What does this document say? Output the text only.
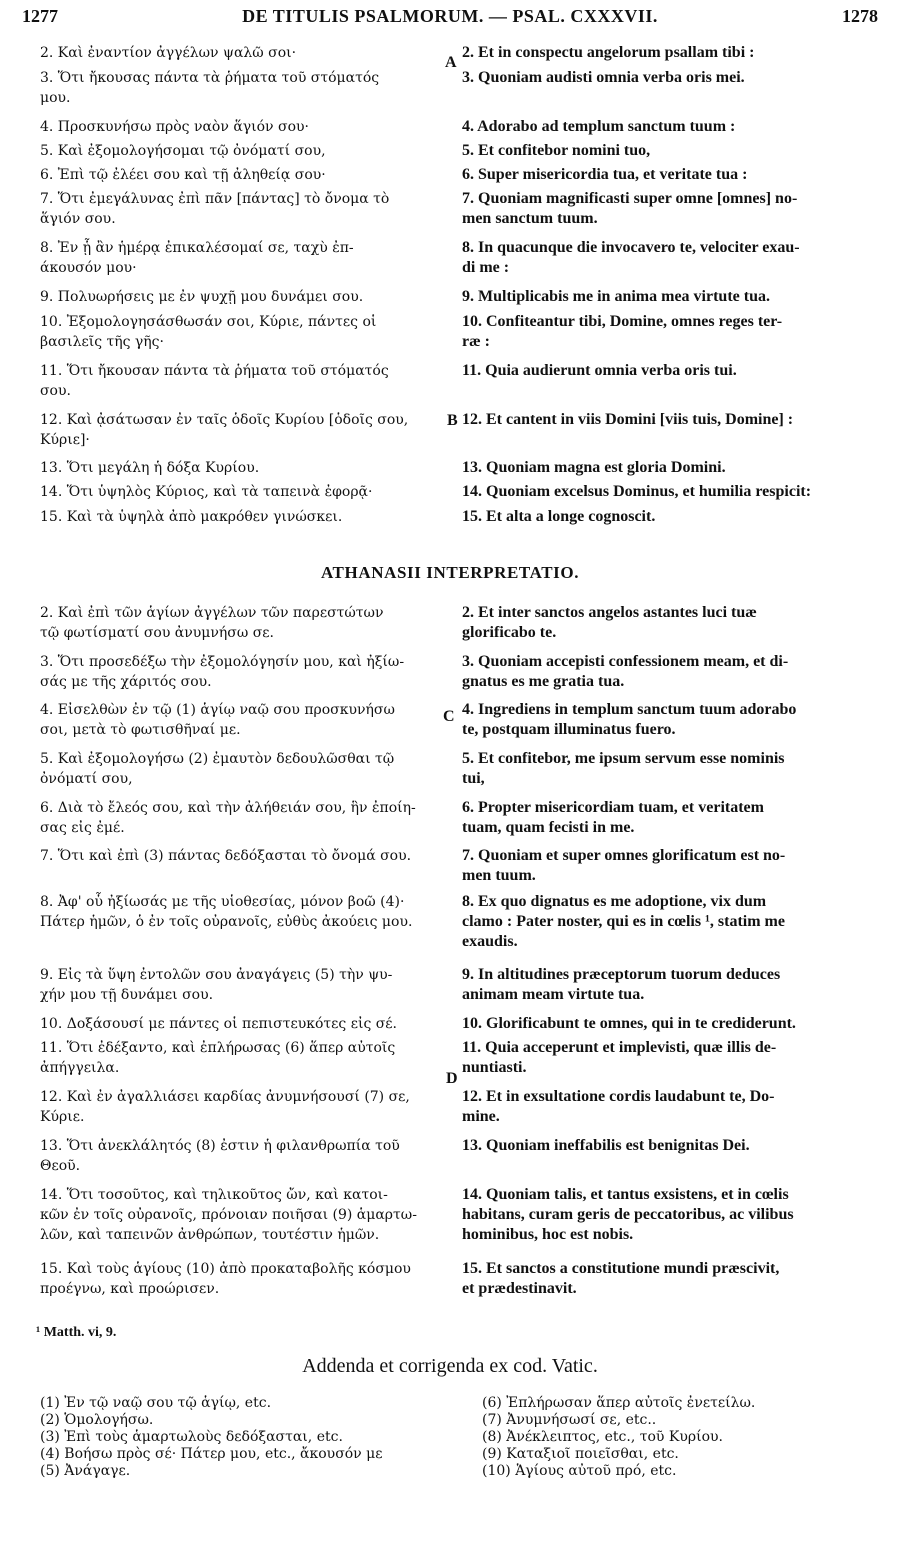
1277	DE TITULIS PSALMORUM. — PSAL. CXXXVII.	1278
2. Καὶ ἐναντίον ἀγγέλων ψαλῶ σοι·
3. Ὅτι ἤκουσας πάντα τὰ ῥήματα τοῦ στόματός
μου.
4. Προσκυνήσω πρὸς ναὸν ἅγιόν σου·
5. Καὶ ἐξομολογήσομαι τῷ ὀνόματί σου,
6. Ἐπὶ τῷ ἐλέει σου καὶ τῇ ἀληθείᾳ σου·
7. Ὅτι ἐμεγάλυνας ἐπὶ πᾶν [πάντας] τὸ ὄνομα τὸ
ἅγιόν σου.
8. Ἐν ᾗ ἂν ἡμέρᾳ ἐπικαλέσομαί σε, ταχὺ ἐπ-
άκουσόν μου·
9. Πολυωρήσεις με ἐν ψυχῇ μου δυνάμει σου.
10. Ἐξομολογησάσθωσάν σοι, Κύριε, πάντες οἱ
βασιλεῖς τῆς γῆς·
11. Ὅτι ἤκουσαν πάντα τὰ ῥήματα τοῦ στόματός
σου.
12. Καὶ ᾀσάτωσαν ἐν ταῖς ὁδοῖς Κυρίου [ὁδοῖς σου,
Κύριε]·
13. Ὅτι μεγάλη ἡ δόξα Κυρίου.
14. Ὅτι ὑψηλὸς Κύριος, καὶ τὰ ταπεινὰ ἐφορᾷ·
15. Καὶ τὰ ὑψηλὰ ἀπὸ μακρόθεν γινώσκει.
2. Et in conspectu angelorum psallam tibi :
3. Quoniam audisti omnia verba oris mei.
4. Adorabo ad templum sanctum tuum :
5. Et confitebor nomini tuo,
6. Super misericordia tua, et veritate tua :
7. Quoniam magnificasti super omne [omnes] no-
men sanctum tuum.
8. In quacunque die invocavero te, velociter exau-
di me :
9. Multiplicabis me in anima mea virtute tua.
10. Confiteantur tibi, Domine, omnes reges ter-
ræ :
11. Quia audierunt omnia verba oris tui.
12. Et cantent in viis Domini [viis tuis, Domine] :
13. Quoniam magna est gloria Domini.
14. Quoniam excelsus Dominus, et humilia respicit:
15. Et alta a longe cognoscit.
A
B
ATHANASII INTERPRETATIO.
2. Καὶ ἐπὶ τῶν ἁγίων ἀγγέλων τῶν παρεστώτων
τῷ φωτίσματί σου ἀνυμνήσω σε.
3. Ὅτι προσεδέξω τὴν ἐξομολόγησίν μου, καὶ ἠξίω-
σάς με τῆς χάριτός σου.
4. Εἰσελθὼν ἐν τῷ (1) ἁγίῳ ναῷ σου προσκυνήσω
σοι, μετὰ τὸ φωτισθῆναί με.
5. Καὶ ἐξομολογήσω (2) ἐμαυτὸν δεδουλῶσθαι τῷ
ὀνόματί σου,
6. Διὰ τὸ ἔλεός σου, καὶ τὴν ἀλήθειάν σου, ἣν ἐποίη-
σας εἰς ἐμέ.
7. Ὅτι καὶ ἐπὶ (3) πάντας δεδόξασται τὸ ὄνομά σου.
8. Ἀφ' οὗ ἠξίωσάς με τῆς υἱοθεσίας, μόνον βοῶ (4)·
Πάτερ ἡμῶν, ὁ ἐν τοῖς οὐρανοῖς, εὐθὺς ἀκούεις μου.
9. Εἰς τὰ ὕψη ἐντολῶν σου ἀναγάγεις (5) τὴν ψυ-
χήν μου τῇ δυνάμει σου.
10. Δοξάσουσί με πάντες οἱ πεπιστευκότες εἰς σέ.
11. Ὅτι ἐδέξαντο, καὶ ἐπλήρωσας (6) ἅπερ αὐτοῖς
ἀπήγγειλα.
12. Καὶ ἐν ἀγαλλιάσει καρδίας ἀνυμνήσουσί (7) σε,
Κύριε.
13. Ὅτι ἀνεκλάλητός (8) ἐστιν ἡ φιλανθρωπία τοῦ
Θεοῦ.
14. Ὅτι τοσοῦτος, καὶ τηλικοῦτος ὤν, καὶ κατοι-
κῶν ἐν τοῖς οὐρανοῖς, πρόνοιαν ποιῆσαι (9) ἁμαρτω-
λῶν, καὶ ταπεινῶν ἀνθρώπων, τουτέστιν ἡμῶν.
15. Καὶ τοὺς ἁγίους (10) ἀπὸ προκαταβολῆς κόσμου
προέγνω, καὶ προώρισεν.
2. Et inter sanctos angelos astantes luci tuæ
glorificabo te.
3. Quoniam accepisti confessionem meam, et di-
gnatus es me gratia tua.
4. Ingrediens in templum sanctum tuum adorabo
te, postquam illuminatus fuero.
5. Et confitebor, me ipsum servum esse nominis
tui,
6. Propter misericordiam tuam, et veritatem
tuam, quam fecisti in me.
7. Quoniam et super omnes glorificatum est no-
men tuum.
8. Ex quo dignatus es me adoptione, vix dum
clamo : Pater noster, qui es in cœlis ¹, statim me
exaudis.
9. In altitudines præceptorum tuorum deduces
animam meam virtute tua.
10. Glorificabunt te omnes, qui in te crediderunt.
11. Quia acceperunt et implevisti, quæ illis de-
nuntiasti.
12. Et in exsultatione cordis laudabunt te, Do-
mine.
13. Quoniam ineffabilis est benignitas Dei.
14. Quoniam talis, et tantus exsistens, et in cœlis
habitans, curam geris de peccatoribus, ac vilibus
hominibus, hoc est nobis.
15. Et sanctos a constitutione mundi præscivit,
et prædestinavit.
C
D
¹ Matth. vi, 9.
Addenda et corrigenda ex cod. Vatic.
(1) Ἐν τῷ ναῷ σου τῷ ἁγίῳ, etc.
(2) Ὁμολογήσω.
(3) Ἐπὶ τοὺς ἁμαρτωλοὺς δεδόξασται, etc.
(4) Βοήσω πρὸς σέ· Πάτερ μου, etc., ἄκουσόν με
(5) Ἀνάγαγε.
(6) Ἐπλήρωσαν ἅπερ αὐτοῖς ἐνετείλω.
(7) Ἀνυμνήσωσί σε, etc..
(8) Ἀνέκλειπτος, etc., τοῦ Κυρίου.
(9) Καταξιοῖ ποιεῖσθαι, etc.
(10) Ἁγίους αὐτοῦ πρό, etc.
